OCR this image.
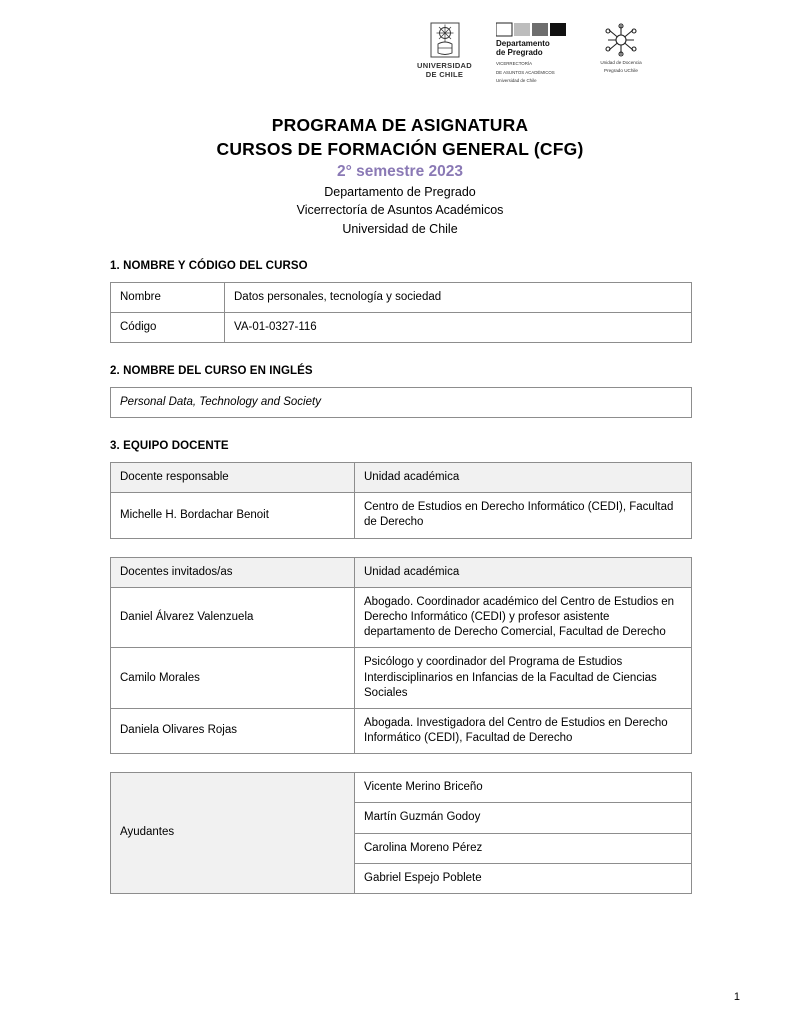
UNIVERSIDAD
DE CHILE
Departamento
de Pregrado
VICERRECTORÍA
DE ASUNTOS ACADÉMICOS
Universidad de Chile
Unidad de Docencia
Pregrado UChile
PROGRAMA DE ASIGNATURA
CURSOS DE FORMACIÓN GENERAL (CFG)
2° semestre 2023
Departamento de Pregrado
Vicerrectoría de Asuntos Académicos
Universidad de Chile
1. NOMBRE Y CÓDIGO DEL CURSO
Nombre	Datos personales, tecnología y sociedad
Código	VA-01-0327-116
2. NOMBRE DEL CURSO EN INGLÉS
Personal Data, Technology and Society
3. EQUIPO DOCENTE
Docente responsable	Unidad académica
Michelle H. Bordachar Benoit	Centro de Estudios en Derecho Informático (CEDI), Facultad de Derecho
Docentes invitados/as	Unidad académica
Daniel Álvarez Valenzuela	Abogado. Coordinador académico del Centro de Estudios en Derecho Informático (CEDI) y profesor asistente departamento de Derecho Comercial, Facultad de Derecho
Camilo Morales	Psicólogo y coordinador del Programa de Estudios Interdisciplinarios en Infancias de la Facultad de Ciencias Sociales
Daniela Olivares Rojas	Abogada. Investigadora del Centro de Estudios en Derecho Informático (CEDI), Facultad de Derecho
Ayudantes	Vicente Merino Briceño
Martín Guzmán Godoy
Carolina Moreno Pérez
Gabriel Espejo Poblete
1
